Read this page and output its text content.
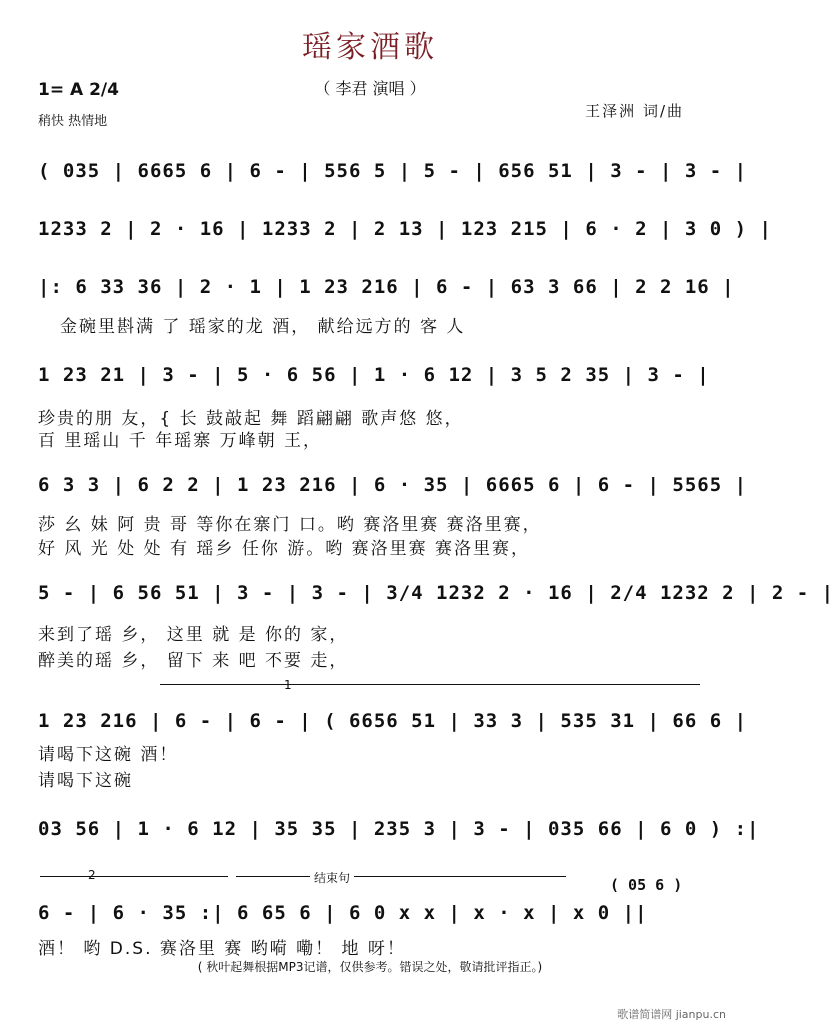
瑶家酒歌
（ 李君 演唱 ）
1= A 2/4
稍快 热情地
王泽洲 词/曲
( 035 | 6665 6 | 6 - | 556 5 | 5 - | 656 51 | 3 - | 3 - |
1233 2 | 2 · 16 | 1233 2 | 2 13 | 123 215 | 6 · 2 | 3 0 ) |
|: 6 33 36 | 2 · 1 | 1 23 216 | 6 - | 63 3 66 | 2 2 16 |
金碗里斟满 了 瑶家的龙 酒， 献给远方的 客 人
1 23 21 | 3 - | 5 · 6 56 | 1 · 6 12 | 3 5 2 35 | 3 - |
珍贵的朋 友，{ 长 鼓敲起 舞 蹈翩翩 歌声悠 悠，
百 里瑶山 千 年瑶寨 万峰朝 王，
6 3 3 | 6 2 2 | 1 23 216 | 6 · 35 | 6665 6 | 6 - | 5565 |
莎 幺 妹 阿 贵 哥 等你在寨门 口。哟 赛洛里赛 赛洛里赛，
好 风 光 处 处 有 瑶乡 任你 游。哟 赛洛里赛 赛洛里赛，
5 - | 6 56 51 | 3 - | 3 - | 3/4 1232 2 · 16 | 2/4 1232 2 | 2 - |
来到了瑶 乡， 这里 就 是 你的 家，
醉美的瑶 乡， 留下 来 吧 不要 走，
1
1 23 216 | 6 - | 6 - | ( 6656 51 | 33 3 | 535 31 | 66 6 |
请喝下这碗 酒！
请喝下这碗
03 56 | 1 · 6 12 | 35 35 | 235 3 | 3 - | 035 66 | 6 0 ) :|
2	结束句	( 05 6 )
6 - | 6 · 35 :| 6 65 6 | 6 0 x x | x · x | x 0 ||
酒！ 哟 D.S. 赛洛里 赛 哟嗬 嘞！ 地 呀！
( 秋叶起舞根据MP3记谱，仅供参考。错误之处，敬请批评指正。)
歌谱简谱网 jianpu.cn
